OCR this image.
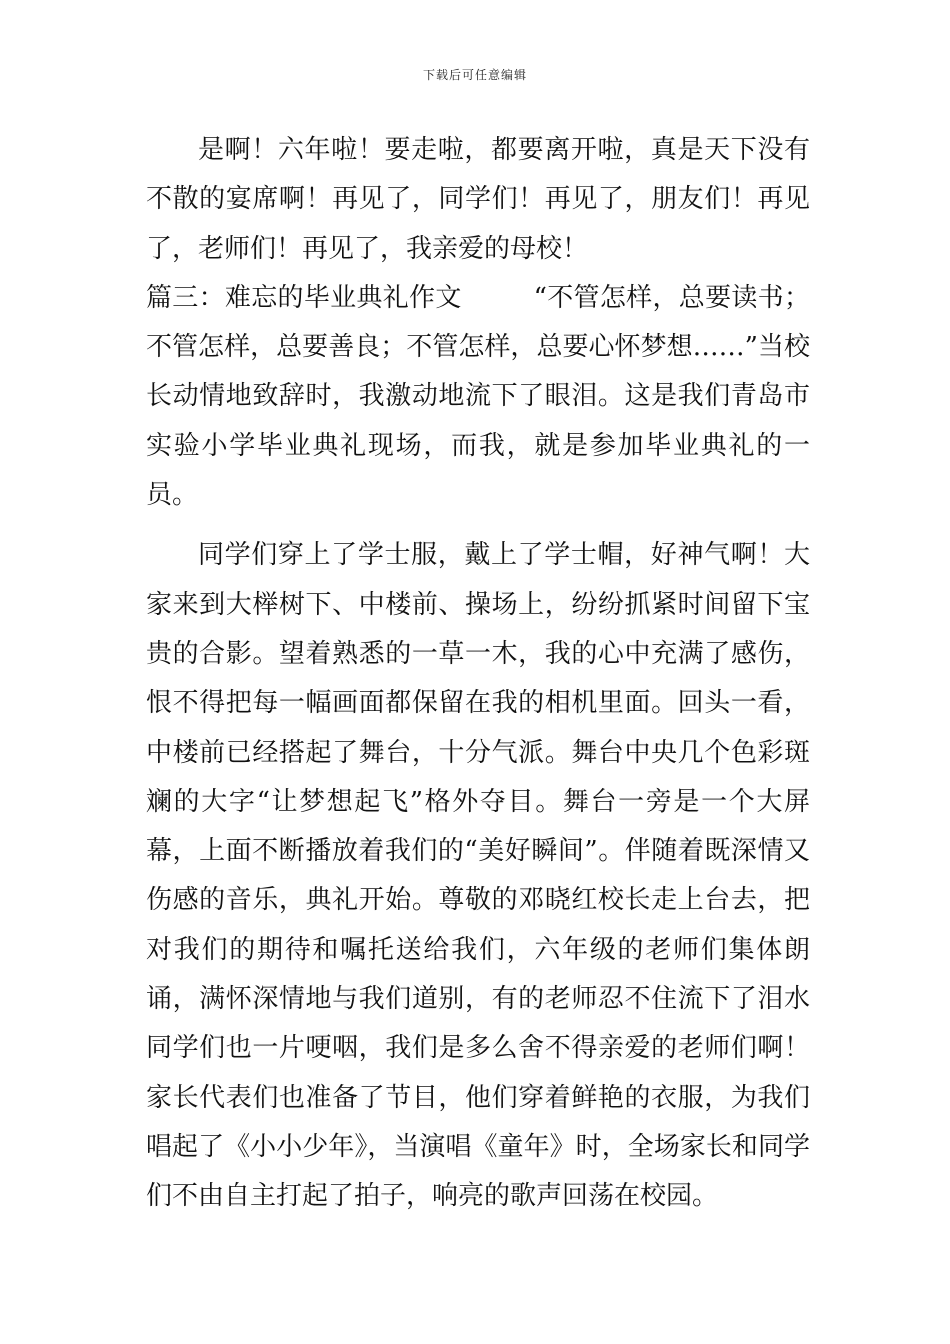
下载后可任意编辑

是啊！六年啦！要走啦，都要离开啦，真是天下没有不散的宴席啊！再见了，同学们！再见了，朋友们！再见了，老师们！再见了，我亲爱的母校！

篇三：难忘的毕业典礼作文	“不管怎样，总要读书；不管怎样，总要善良；不管怎样，总要心怀梦想……”当校长动情地致辞时，我激动地流下了眼泪。这是我们青岛市实验小学毕业典礼现场，而我，就是参加毕业典礼的一员。

同学们穿上了学士服，戴上了学士帽，好神气啊！大家来到大榉树下、中楼前、操场上，纷纷抓紧时间留下宝贵的合影。望着熟悉的一草一木，我的心中充满了感伤，恨不得把每一幅画面都保留在我的相机里面。回头一看，中楼前已经搭起了舞台，十分气派。舞台中央几个色彩斑斓的大字“让梦想起飞”格外夺目。舞台一旁是一个大屏幕，上面不断播放着我们的“美好瞬间”。伴随着既深情又伤感的音乐，典礼开始。尊敬的邓晓红校长走上台去，把对我们的期待和嘱托送给我们，六年级的老师们集体朗诵，满怀深情地与我们道别，有的老师忍不住流下了泪水同学们也一片哽咽，我们是多么舍不得亲爱的老师们啊！家长代表们也准备了节目，他们穿着鲜艳的衣服，为我们唱起了《小小少年》，当演唱《童年》时，全场家长和同学们不由自主打起了拍子，响亮的歌声回荡在校园。
